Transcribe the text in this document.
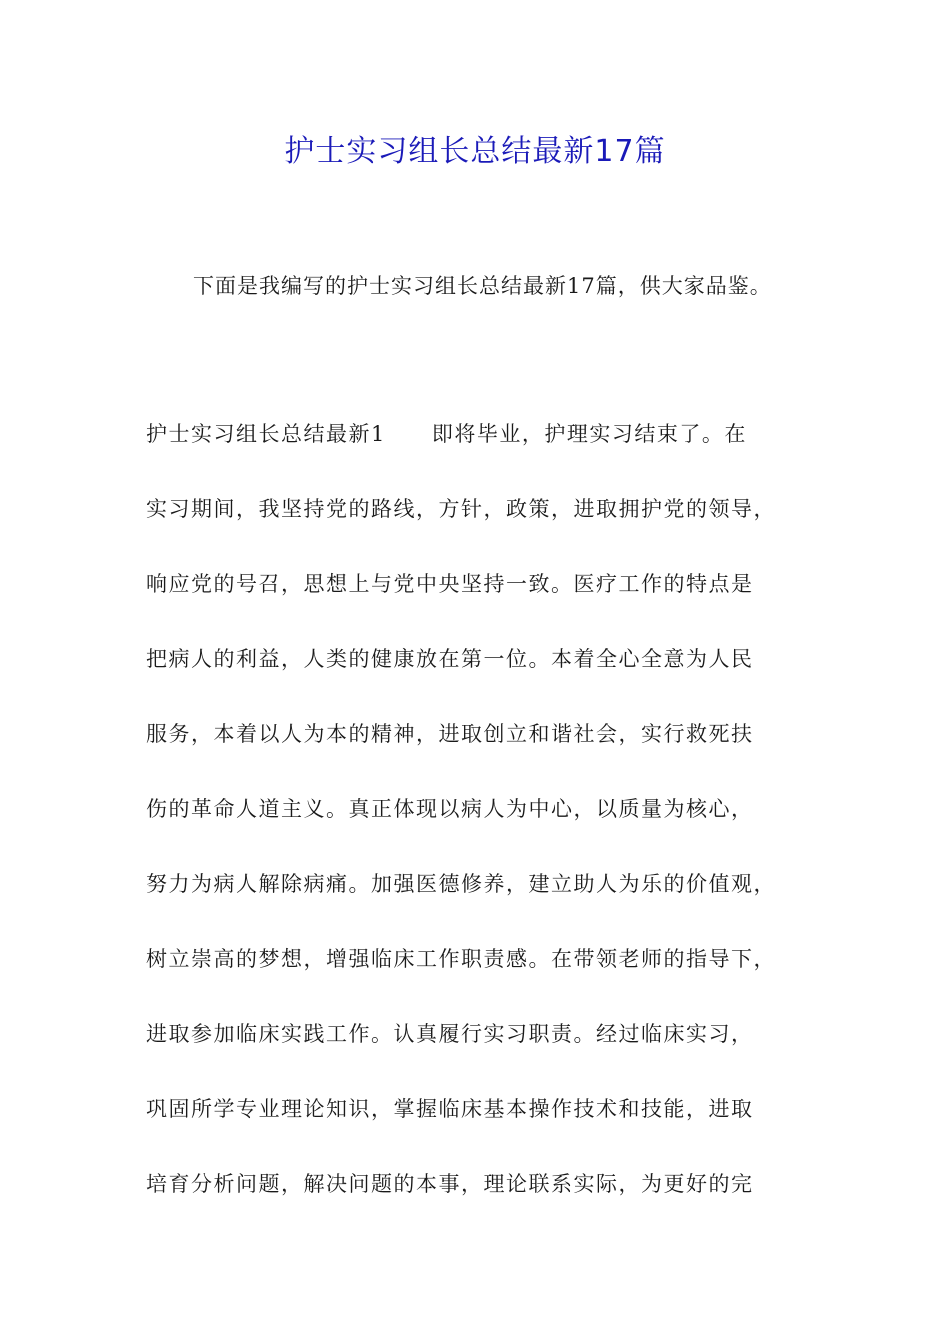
护士实习组长总结最新17篇

下面是我编写的护士实习组长总结最新17篇，供大家品鉴。

护士实习组长总结最新1 即将毕业，护理实习结束了。在
实习期间，我坚持党的路线，方针，政策，进取拥护党的领导，
响应党的号召，思想上与党中央坚持一致。医疗工作的特点是
把病人的利益，人类的健康放在第一位。本着全心全意为人民
服务，本着以人为本的精神，进取创立和谐社会，实行救死扶
伤的革命人道主义。真正体现以病人为中心，以质量为核心，
努力为病人解除病痛。加强医德修养，建立助人为乐的价值观，
树立崇高的梦想，增强临床工作职责感。在带领老师的指导下，
进取参加临床实践工作。认真履行实习职责。经过临床实习，
巩固所学专业理论知识，掌握临床基本操作技术和技能，进取
培育分析问题，解决问题的本事，理论联系实际，为更好的完
